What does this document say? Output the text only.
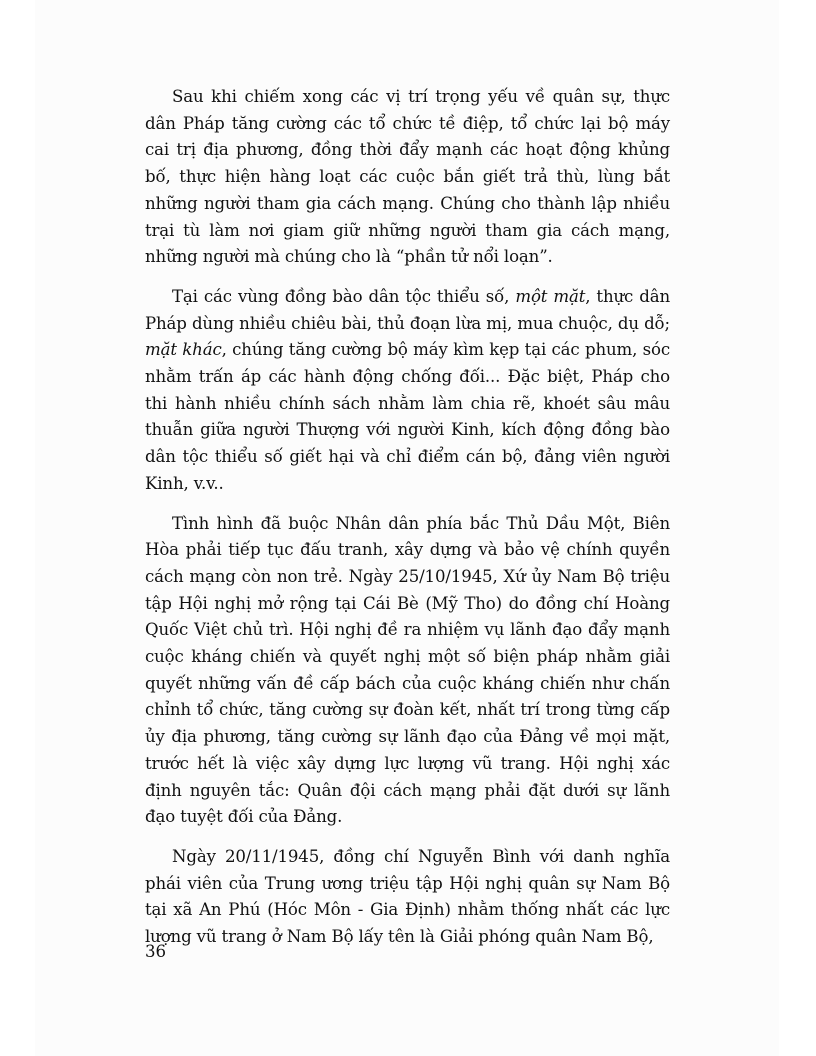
Sau khi chiếm xong các vị trí trọng yếu về quân sự, thực dân Pháp tăng cường các tổ chức tề điệp, tổ chức lại bộ máy cai trị địa phương, đồng thời đẩy mạnh các hoạt động khủng bố, thực hiện hàng loạt các cuộc bắn giết trả thù, lùng bắt những người tham gia cách mạng. Chúng cho thành lập nhiều trại tù làm nơi giam giữ những người tham gia cách mạng, những người mà chúng cho là “phần tử nổi loạn”.

Tại các vùng đồng bào dân tộc thiểu số, một mặt, thực dân Pháp dùng nhiều chiêu bài, thủ đoạn lừa mị, mua chuộc, dụ dỗ; mặt khác, chúng tăng cường bộ máy kìm kẹp tại các phum, sóc nhằm trấn áp các hành động chống đối... Đặc biệt, Pháp cho thi hành nhiều chính sách nhằm làm chia rẽ, khoét sâu mâu thuẫn giữa người Thượng với người Kinh, kích động đồng bào dân tộc thiểu số giết hại và chỉ điểm cán bộ, đảng viên người Kinh, v.v..

Tình hình đã buộc Nhân dân phía bắc Thủ Dầu Một, Biên Hòa phải tiếp tục đấu tranh, xây dựng và bảo vệ chính quyền cách mạng còn non trẻ. Ngày 25/10/1945, Xứ ủy Nam Bộ triệu tập Hội nghị mở rộng tại Cái Bè (Mỹ Tho) do đồng chí Hoàng Quốc Việt chủ trì. Hội nghị đề ra nhiệm vụ lãnh đạo đẩy mạnh cuộc kháng chiến và quyết nghị một số biện pháp nhằm giải quyết những vấn đề cấp bách của cuộc kháng chiến như chấn chỉnh tổ chức, tăng cường sự đoàn kết, nhất trí trong từng cấp ủy địa phương, tăng cường sự lãnh đạo của Đảng về mọi mặt, trước hết là việc xây dựng lực lượng vũ trang. Hội nghị xác định nguyên tắc: Quân đội cách mạng phải đặt dưới sự lãnh đạo tuyệt đối của Đảng.

Ngày 20/11/1945, đồng chí Nguyễn Bình với danh nghĩa phái viên của Trung ương triệu tập Hội nghị quân sự Nam Bộ tại xã An Phú (Hóc Môn - Gia Định) nhằm thống nhất các lực lượng vũ trang ở Nam Bộ lấy tên là Giải phóng quân Nam Bộ,

36
